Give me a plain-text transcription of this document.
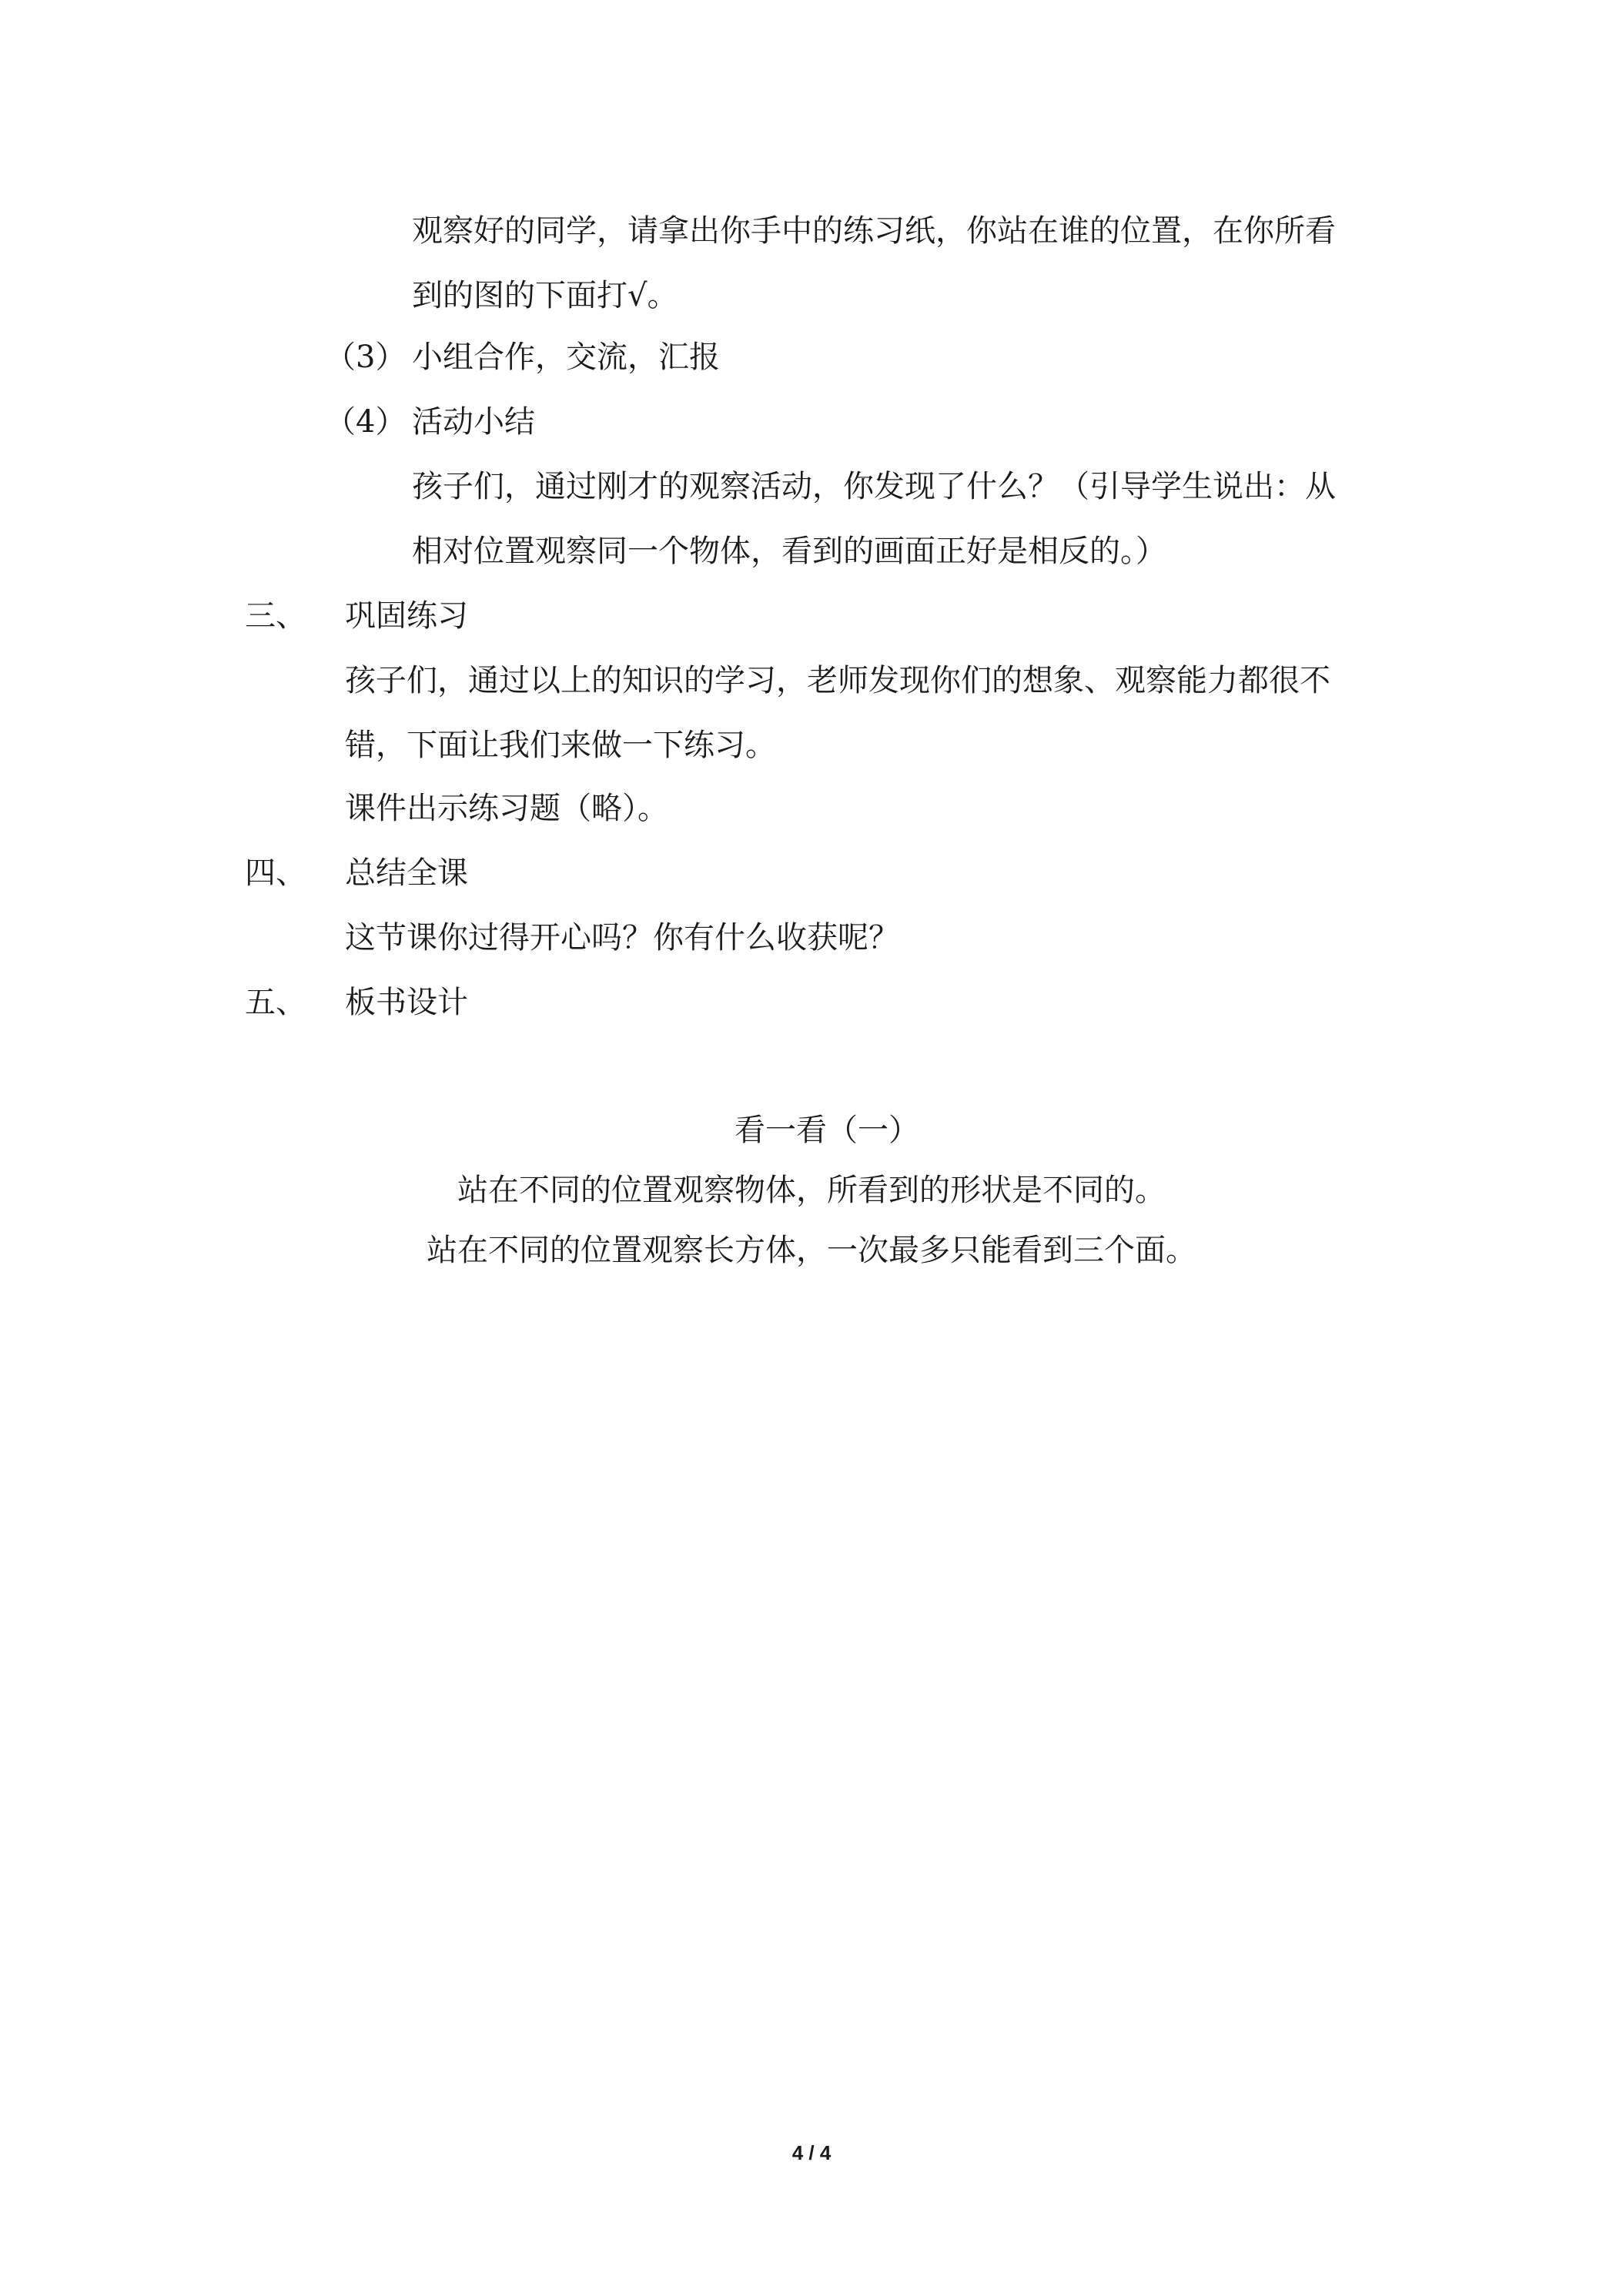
观察好的同学，请拿出你手中的练习纸，你站在谁的位置，在你所看
到的图的下面打√。
（3） 小组合作，交流，汇报
（4） 活动小结
孩子们，通过刚才的观察活动，你发现了什么？（引导学生说出：从
相对位置观察同一个物体，看到的画面正好是相反的。）
三、 巩固练习
孩子们，通过以上的知识的学习，老师发现你们的想象、观察能力都很不
错，下面让我们来做一下练习。
课件出示练习题（略）。
四、 总结全课
这节课你过得开心吗？你有什么收获呢？
五、 板书设计
看一看（一）
站在不同的位置观察物体，所看到的形状是不同的。
站在不同的位置观察长方体，一次最多只能看到三个面。
4 / 4
